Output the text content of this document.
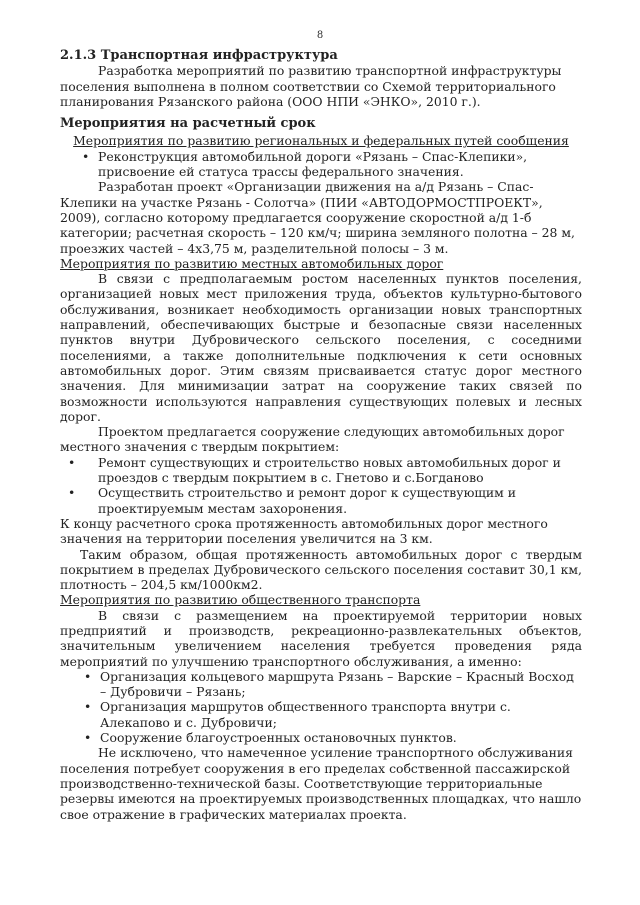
8

2.1.3 Транспортная инфраструктура

Разработка мероприятий по развитию транспортной инфраструктуры поселения выполнена в полном соответствии со Схемой территориального планирования Рязанского района (ООО НПИ «ЭНКО», 2010 г.).

Мероприятия на расчетный срок

Мероприятия по развитию региональных и федеральных путей сообщения

• Реконструкция автомобильной дороги «Рязань – Спас-Клепики», присвоение ей статуса трассы федерального значения.

Разработан проект «Организации движения на а/д Рязань – Спас-Клепики на участке Рязань - Солотча» (ПИИ «АВТОДОРМОСТПРОЕКТ», 2009), согласно которому предлагается сооружение скоростной а/д 1-б категории; расчетная скорость – 120 км/ч; ширина земляного полотна – 28 м, проезжих частей – 4х3,75 м, разделительной полосы – 3 м.

Мероприятия по развитию местных автомобильных дорог

В связи с предполагаемым ростом населенных пунктов поселения, организацией новых мест приложения труда, объектов культурно-бытового обслуживания, возникает необходимость организации новых транспортных направлений, обеспечивающих быстрые и безопасные связи населенных пунктов внутри Дубровического сельского поселения, с соседними поселениями, а также дополнительные подключения к сети основных автомобильных дорог. Этим связям присваивается статус дорог местного значения. Для минимизации затрат на сооружение таких связей по возможности используются направления существующих полевых и лесных дорог.

Проектом предлагается сооружение следующих автомобильных дорог местного значения с твердым покрытием:

• Ремонт существующих и строительство новых автомобильных дорог и проездов с твердым покрытием в с. Гнетово и с.Богданово
• Осуществить строительство и ремонт дорог к существующим и проектируемым местам захоронения.

К концу расчетного срока протяженность автомобильных дорог местного значения на территории поселения увеличится на 3 км.

Таким образом, общая протяженность автомобильных дорог с твердым покрытием в пределах Дубровического сельского поселения составит 30,1 км, плотность – 204,5 км/1000км2.

Мероприятия по развитию общественного транспорта

В связи с размещением на проектируемой территории новых предприятий и производств, рекреационно-развлекательных объектов, значительным увеличением населения требуется проведения ряда мероприятий по улучшению транспортного обслуживания, а именно:

• Организация кольцевого маршрута Рязань – Варские – Красный Восход – Дубровичи – Рязань;
• Организация маршрутов общественного транспорта внутри с. Алекапово и с. Дубровичи;
• Сооружение благоустроенных остановочных пунктов.

Не исключено, что намеченное усиление транспортного обслуживания поселения потребует сооружения в его пределах собственной пассажирской производственно-технической базы. Соответствующие территориальные резервы имеются на проектируемых производственных площадках, что нашло свое отражение в графических материалах проекта.
